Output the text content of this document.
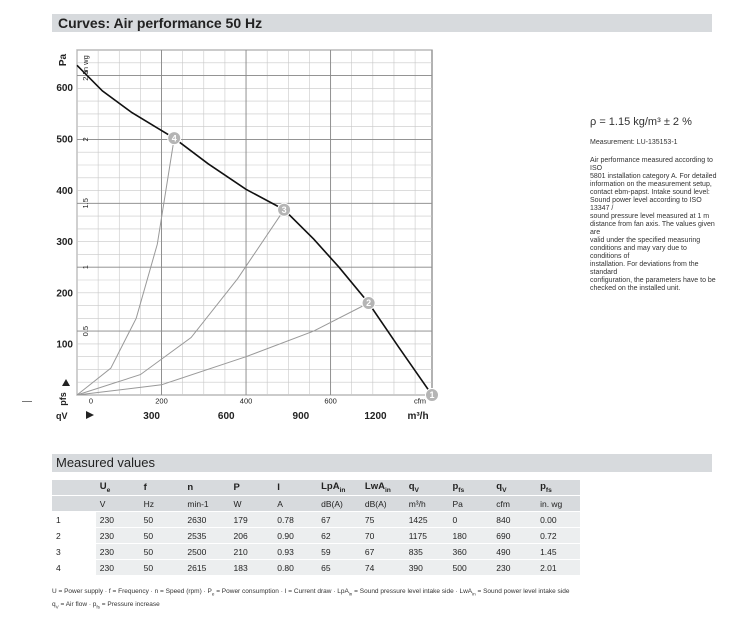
Curves: Air performance 50 Hz
1
2
3
4
0.5
1
1.5
2
2.5
in wg
100
200
300
400
500
600
Pa
pfs	0	200	400	600	cfm
300	600	900	1200 m³/h
qV
ρ = 1.15 kg/m³ ± 2 %
Measurement: LU-135153-1
Air performance measured according to ISO
5801 installation category A. For detailed
information on the measurement setup,
contact ebm-papst. Intake sound level:
Sound power level according to ISO 13347 /
sound pressure level measured at 1 m
distance from fan axis. The values given are
valid under the specified measuring
conditions and may vary due to conditions of
installation. For deviations from the standard
configuration, the parameters have to be
checked on the installed unit.
Measured values
	$U_e$	f	n	P	I	LpA$_{in}$	LwA$_{in}$	$q_V$	$p_{fs}$	$q_V$	$p_{fs}$
	V	Hz	min-1	W	A	dB(A)	dB(A)	m³/h	Pa	cfm	in. wg
1	230	50	2630	179	0.78	67	75	1425	0	840	0.00
2	230	50	2535	206	0.90	62	70	1175	180	690	0.72
3	230	50	2500	210	0.93	59	67	835	360	490	1.45
4	230	50	2615	183	0.80	65	74	390	500	230	2.01
U = Power supply · f = Frequency · n = Speed $(rpm) \cdot P_e$ = Power consumption · I = Current draw · LpA$_{in}$ = Sound pressure level intake side · LwA$_{in}$ = Sound power level intake side
$q_V$ = Air flow · $p_{fs}$ = Pressure increase
